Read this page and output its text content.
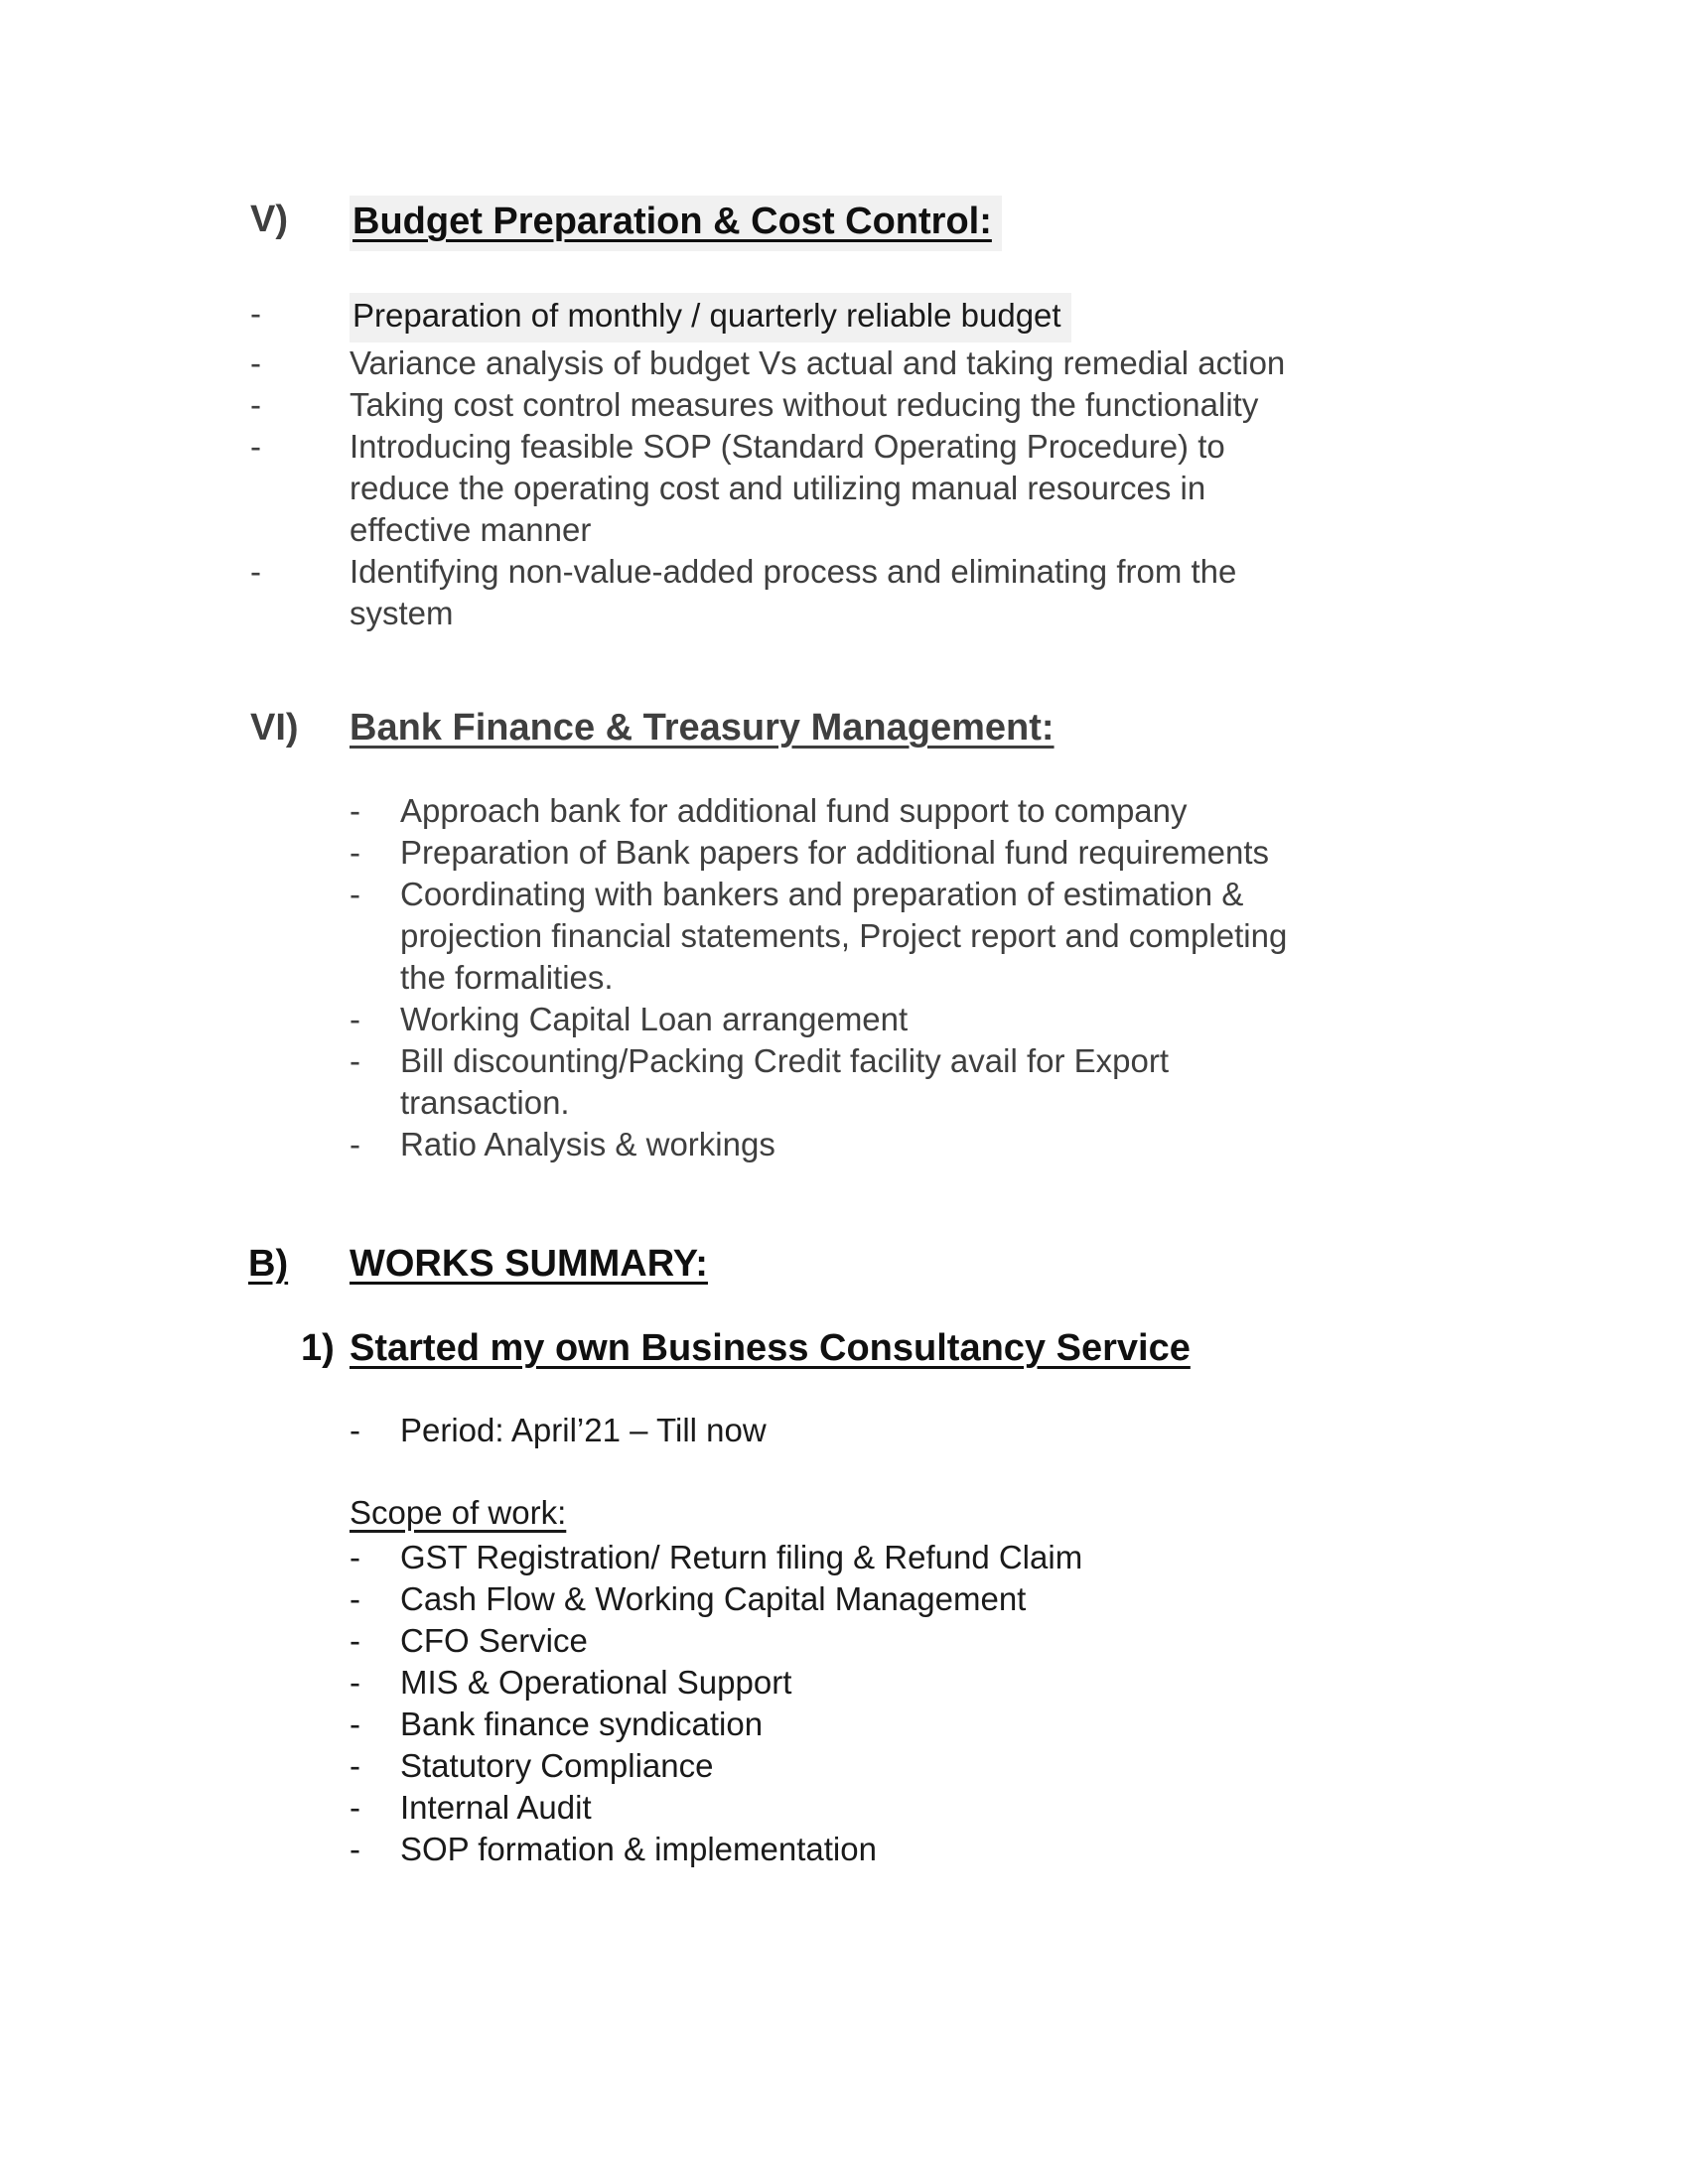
V)	Budget Preparation & Cost Control:
-	Preparation of monthly / quarterly reliable budget
-	Variance analysis of budget Vs actual and taking remedial action
-	Taking cost control measures without reducing the functionality
-	Introducing feasible SOP (Standard Operating Procedure) to
reduce the operating cost and utilizing manual resources in
effective manner
-	Identifying non-value-added process and eliminating from the
system
VI)	Bank Finance & Treasury Management:
-	Approach bank for additional fund support to company
-	Preparation of Bank papers for additional fund requirements
-	Coordinating with bankers and preparation of estimation &
projection financial statements, Project report and completing
the formalities.
-	Working Capital Loan arrangement
-	Bill discounting/Packing Credit facility avail for Export
transaction.
-	Ratio Analysis & workings
B)	WORKS SUMMARY:
1) Started my own Business Consultancy Service
-	Period: April’21 – Till now
Scope of work:
-	GST Registration/ Return filing & Refund Claim
-	Cash Flow & Working Capital Management
-	CFO Service
-	MIS & Operational Support
-	Bank finance syndication
-	Statutory Compliance
-	Internal Audit
-	SOP formation & implementation
